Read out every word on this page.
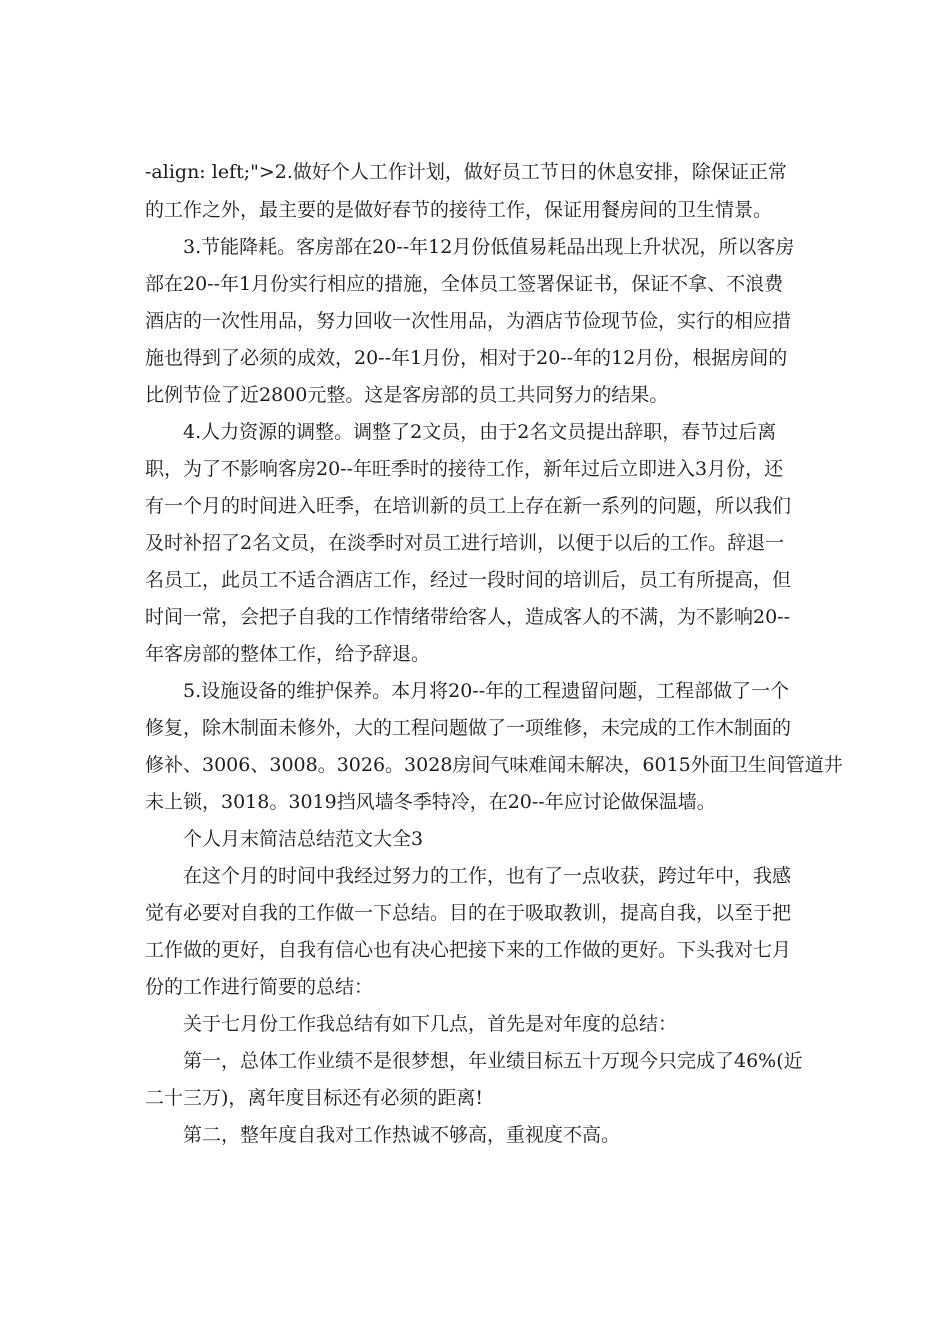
-align: left;">2.做好个人工作计划，做好员工节日的休息安排，除保证正常
的工作之外，最主要的是做好春节的接待工作，保证用餐房间的卫生情景。
3.节能降耗。客房部在20--年12月份低值易耗品出现上升状况，所以客房
部在20--年1月份实行相应的措施，全体员工签署保证书，保证不拿、不浪费
酒店的一次性用品，努力回收一次性用品，为酒店节俭现节俭，实行的相应措
施也得到了必须的成效，20--年1月份，相对于20--年的12月份，根据房间的
比例节俭了近2800元整。这是客房部的员工共同努力的结果。
4.人力资源的调整。调整了2文员，由于2名文员提出辞职，春节过后离
职，为了不影响客房20--年旺季时的接待工作，新年过后立即进入3月份，还
有一个月的时间进入旺季，在培训新的员工上存在新一系列的问题，所以我们
及时补招了2名文员，在淡季时对员工进行培训，以便于以后的工作。辞退一
名员工，此员工不适合酒店工作，经过一段时间的培训后，员工有所提高，但
时间一常，会把子自我的工作情绪带给客人，造成客人的不满，为不影响20--
年客房部的整体工作，给予辞退。
5.设施设备的维护保养。本月将20--年的工程遗留问题，工程部做了一个
修复，除木制面未修外，大的工程问题做了一项维修，未完成的工作木制面的
修补、3006、3008。3026。3028房间气味难闻未解决，6015外面卫生间管道井
未上锁，3018。3019挡风墙冬季特冷，在20--年应讨论做保温墙。
个人月末简洁总结范文大全3
在这个月的时间中我经过努力的工作，也有了一点收获，跨过年中，我感
觉有必要对自我的工作做一下总结。目的在于吸取教训，提高自我，以至于把
工作做的更好，自我有信心也有决心把接下来的工作做的更好。下头我对七月
份的工作进行简要的总结：
关于七月份工作我总结有如下几点，首先是对年度的总结：
第一，总体工作业绩不是很梦想，年业绩目标五十万现今只完成了46%(近
二十三万)，离年度目标还有必须的距离!
第二，整年度自我对工作热诚不够高，重视度不高。
